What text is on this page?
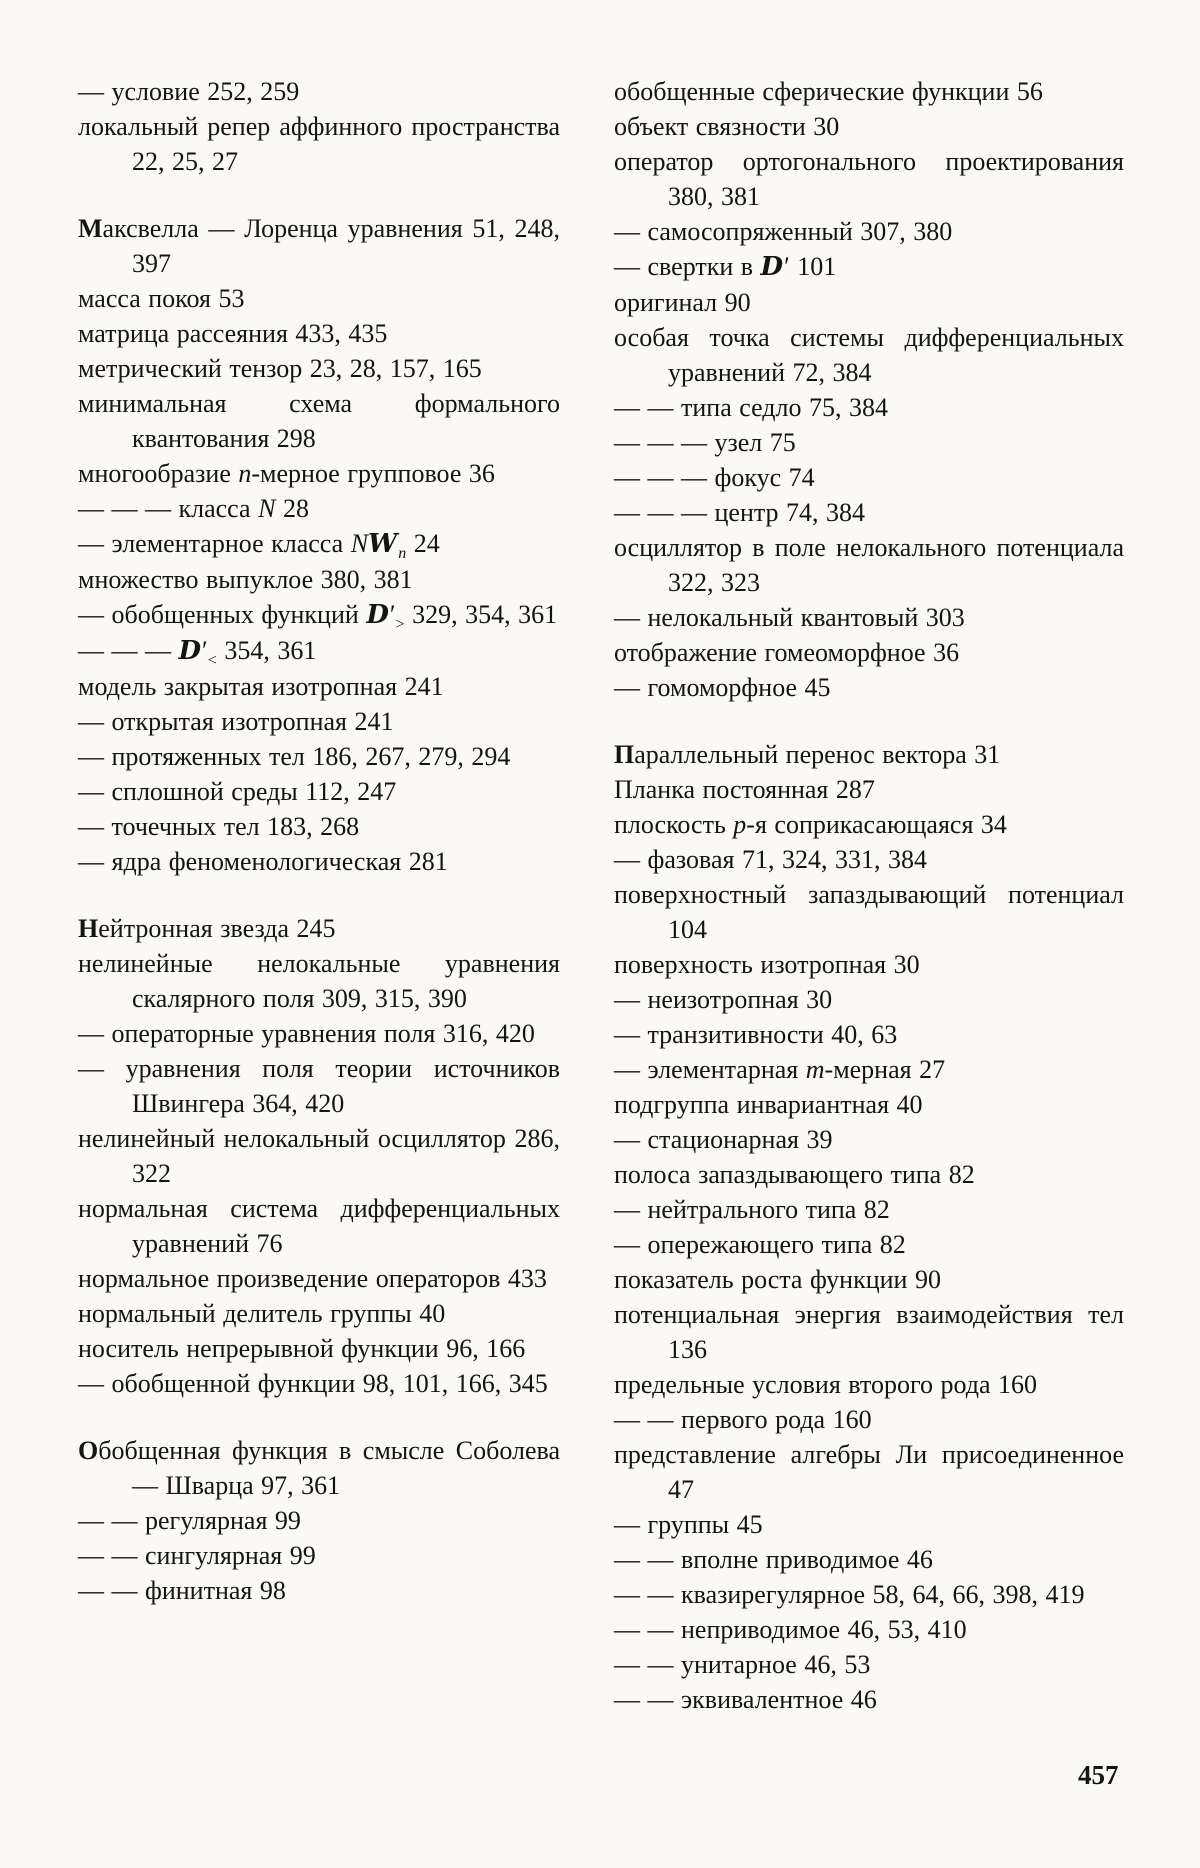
— условие 252, 259

локальный репер аффинного пространства 22, 25, 27

Максвелла — Лоренца уравнения 51, 248, 397

масса покоя 53

матрица рассеяния 433, 435

метрический тензор 23, 28, 157, 165

минимальная схема формального квантования 298

многообразие n-мерное групповое 36

— — — класса N 28

— элементарное класса $NW_n$ 24

множество выпуклое 380, 381

— обобщенных функций $D'_>$ 329, 354, 361

— — — $D'_<$ 354, 361

модель закрытая изотропная 241

— открытая изотропная 241

— протяженных тел 186, 267, 279, 294

— сплошной среды 112, 247

— точечных тел 183, 268

— ядра феноменологическая 281

Нейтронная звезда 245

нелинейные нелокальные уравнения скалярного поля 309, 315, 390

— операторные уравнения поля 316, 420

— уравнения поля теории источников Швингера 364, 420

нелинейный нелокальный осциллятор 286, 322

нормальная система дифференциальных уравнений 76

нормальное произведение операторов 433

нормальный делитель группы 40

носитель непрерывной функции 96, 166

— обобщенной функции 98, 101, 166, 345

Обобщенная функция в смысле Соболева — Шварца 97, 361

— — регулярная 99

— — сингулярная 99

— — финитная 98

обобщенные сферические функции 56

объект связности 30

оператор ортогонального проектирования 380, 381

— самосопряженный 307, 380

— свертки в D′ 101

оригинал 90

особая точка системы дифференциальных уравнений 72, 384

— — типа седло 75, 384

— — — узел 75

— — — фокус 74

— — — центр 74, 384

осциллятор в поле нелокального потенциала 322, 323

— нелокальный квантовый 303

отображение гомеоморфное 36

— гомоморфное 45

Параллельный перенос вектора 31

Планка постоянная 287

плоскость p-я соприкасающаяся 34

— фазовая 71, 324, 331, 384

поверхностный запаздывающий потенциал 104

поверхность изотропная 30

— неизотропная 30

— транзитивности 40, 63

— элементарная m-мерная 27

подгруппа инвариантная 40

— стационарная 39

полоса запаздывающего типа 82

— нейтрального типа 82

— опережающего типа 82

показатель роста функции 90

потенциальная энергия взаимодействия тел 136

предельные условия второго рода 160

— — первого рода 160

представление алгебры Ли присоединенное 47

— группы 45

— — вполне приводимое 46

— — квазирегулярное 58, 64, 66, 398, 419

— — неприводимое 46, 53, 410

— — унитарное 46, 53

— — эквивалентное 46

457
